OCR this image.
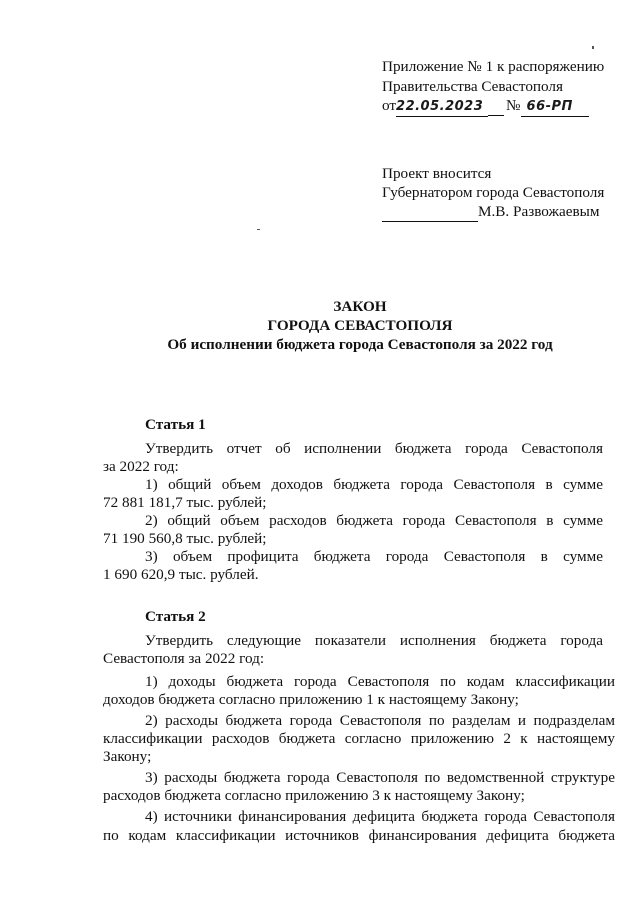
Приложение № 1 к распоряжению
Правительства Севастополя
от22.05.2023 № 66-РП
Проект вносится
Губернатором города Севастополя
М.В. Развожаевым
ЗАКОН
ГОРОДА СЕВАСТОПОЛЯ
Об исполнении бюджета города Севастополя за 2022 год
Статья 1
Утвердить отчет об исполнении бюджета города Севастополя
за 2022 год:
1) общий объем доходов бюджета города Севастополя в сумме
72 881 181,7 тыс. рублей;
2) общий объем расходов бюджета города Севастополя в сумме
71 190 560,8 тыс. рублей;
3) объем профицита бюджета города Севастополя в сумме
1 690 620,9 тыс. рублей.
Статья 2
Утвердить следующие показатели исполнения бюджета города
Севастополя за 2022 год:
1) доходы бюджета города Севастополя по кодам классификации
доходов бюджета согласно приложению 1 к настоящему Закону;
2) расходы бюджета города Севастополя по разделам и подразделам
классификации расходов бюджета согласно приложению 2 к настоящему
Закону;
3) расходы бюджета города Севастополя по ведомственной структуре
расходов бюджета согласно приложению 3 к настоящему Закону;
4) источники финансирования дефицита бюджета города Севастополя
по кодам классификации источников финансирования дефицита бюджета
